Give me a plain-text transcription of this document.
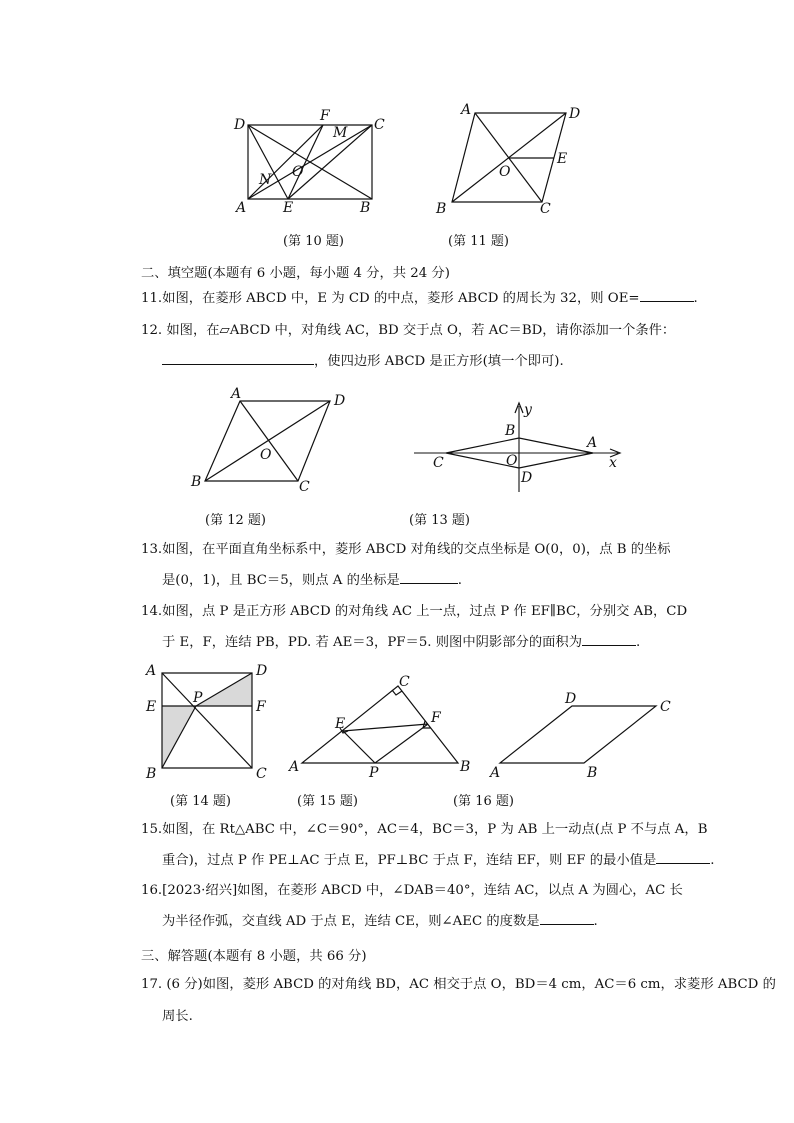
D
F
M C
O
N
A	E	B
(第 10 题)
A	D
E
O
B	C
(第 11 题)
二、填空题(本题有 6 小题，每小题 4 分，共 24 分)
11.如图，在菱形 ABCD 中，E 为 CD 的中点，菱形 ABCD 的周长为 32，则 OE=	.
12. 如图，在▱ABCD 中，对角线 AC，BD 交于点 O，若 AC＝BD，请你添加一个条件：
，使四边形 ABCD 是正方形(填一个即可).
A	D
O
B	C
(第 12 题)
y
B
A
C	O
D
x
(第 13 题)
13.如图，在平面直角坐标系中，菱形 ABCD 对角线的交点坐标是 O(0，0)，点 B 的坐标
是(0，1)，且 BC＝5，则点 A 的坐标是	.
14.如图，点 P 是正方形 ABCD 的对角线 AC 上一点，过点 P 作 EF∥BC，分别交 AB，CD
于 E，F，连结 PB，PD. 若 AE＝3，PF＝5. 则图中阴影部分的面积为	.
A	D
E
P
F
B	C
(第 14 题)
C
E	F
A	P	B
(第 15 题)
D	C
A	B
(第 16 题)
15.如图，在 Rt△ABC 中，∠C＝90°，AC＝4，BC＝3，P 为 AB 上一动点(点 P 不与点 A，B
重合)，过点 P 作 PE⊥AC 于点 E，PF⊥BC 于点 F，连结 EF，则 EF 的最小值是	.
16.[2023·绍兴]如图，在菱形 ABCD 中，∠DAB＝40°，连结 AC，以点 A 为圆心，AC 长
为半径作弧，交直线 AD 于点 E，连结 CE，则∠AEC 的度数是	.
三、解答题(本题有 8 小题，共 66 分)
17. (6 分)如图，菱形 ABCD 的对角线 BD，AC 相交于点 O，BD＝4 cm，AC＝6 cm，求菱形 ABCD 的
周长.
